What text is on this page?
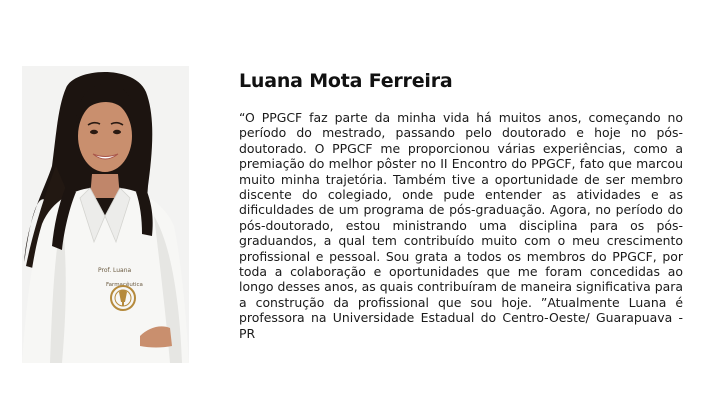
Prof. Luana
Farmacêutica
Luana Mota Ferreira

“O PPGCF faz parte da minha vida há muitos anos, começando no período do mestrado, passando pelo doutorado e hoje no pós-doutorado. O PPGCF me proporcionou várias experiências, como a premiação do melhor pôster no II Encontro do PPGCF, fato que marcou muito minha trajetória. Também tive a oportunidade de ser membro discente do colegiado, onde pude entender as atividades e as dificuldades de um programa de pós-graduação. Agora, no período do pós-doutorado, estou ministrando uma disciplina para os pós-graduandos, a qual tem contribuído muito com o meu crescimento profissional e pessoal. Sou grata a todos os membros do PPGCF, por toda a colaboração e oportunidades que me foram concedidas ao longo desses anos, as quais contribuíram de maneira significativa para a construção da profissional que sou hoje. ”Atualmente Luana é professora na Universidade Estadual do Centro-Oeste/ Guarapuava - PR
